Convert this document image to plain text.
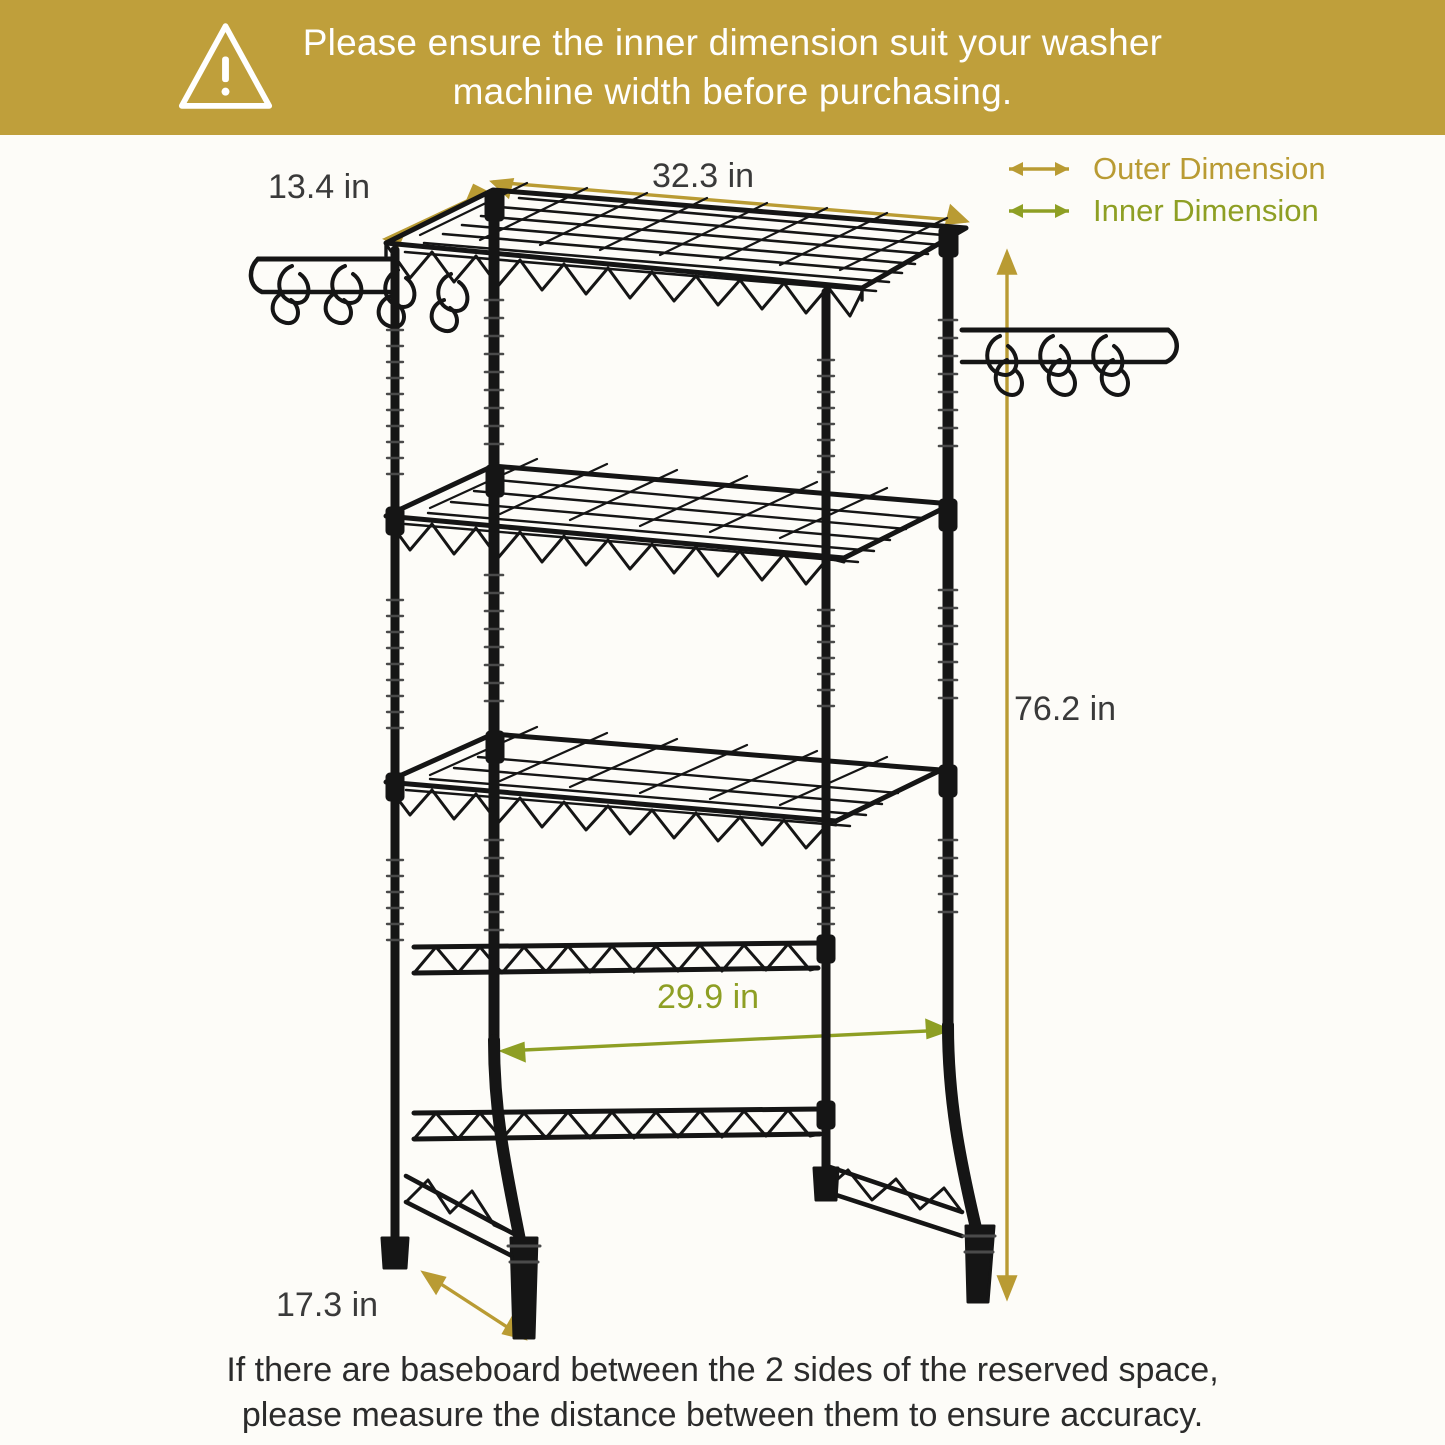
Please ensure the inner dimension suit your washer machine width before purchasing.
Outer Dimension
Inner Dimension
13.4 in	32.3 in
76.2 in
29.9 in
17.3 in
If there are baseboard between the 2 sides of the reserved space,
please measure the distance between them to ensure accuracy.
